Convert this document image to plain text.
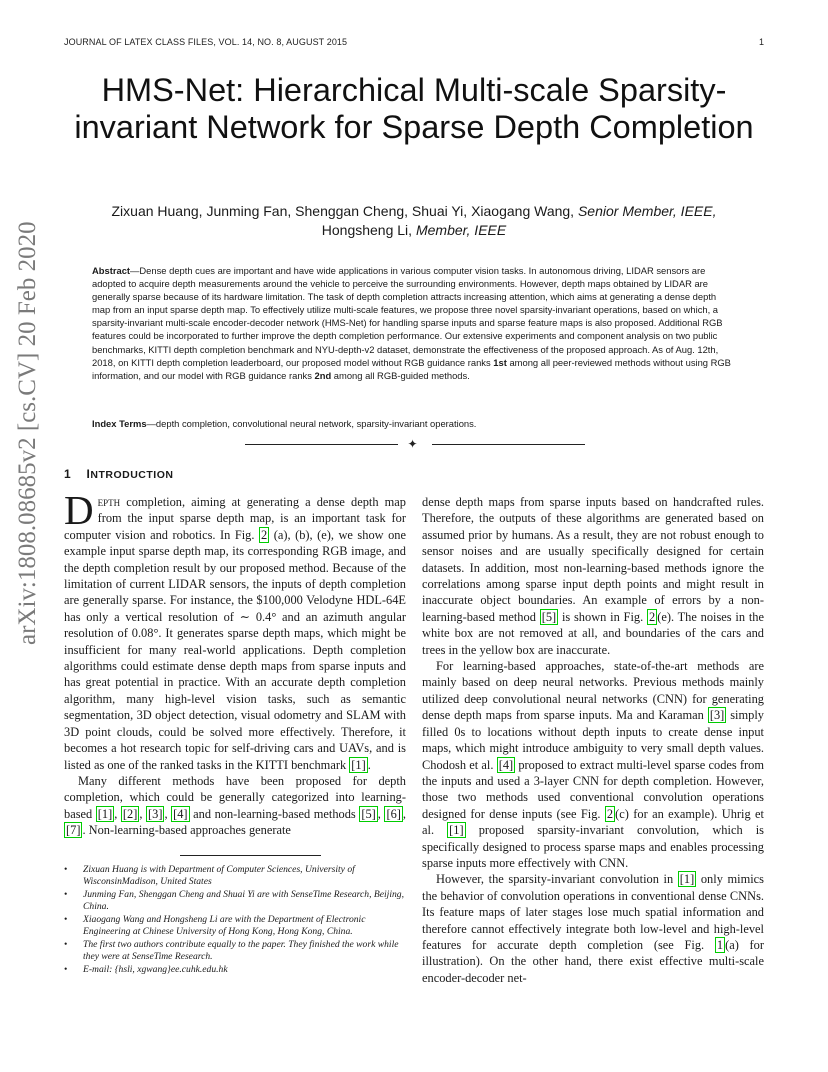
JOURNAL OF LATEX CLASS FILES, VOL. 14, NO. 8, AUGUST 2015	1
arXiv:1808.08685v2 [cs.CV] 20 Feb 2020
HMS-Net: Hierarchical Multi-scale Sparsity-invariant Network for Sparse Depth Completion
Zixuan Huang, Junming Fan, Shenggan Cheng, Shuai Yi, Xiaogang Wang, Senior Member, IEEE,
Hongsheng Li, Member, IEEE
Abstract—Dense depth cues are important and have wide applications in various computer vision tasks. In autonomous driving, LIDAR sensors are adopted to acquire depth measurements around the vehicle to perceive the surrounding environments. However, depth maps obtained by LIDAR are generally sparse because of its hardware limitation. The task of depth completion attracts increasing attention, which aims at generating a dense depth map from an input sparse depth map. To effectively utilize multi-scale features, we propose three novel sparsity-invariant operations, based on which, a sparsity-invariant multi-scale encoder-decoder network (HMS-Net) for handling sparse inputs and sparse feature maps is also proposed. Additional RGB features could be incorporated to further improve the depth completion performance. Our extensive experiments and component analysis on two public benchmarks, KITTI depth completion benchmark and NYU-depth-v2 dataset, demonstrate the effectiveness of the proposed approach. As of Aug. 12th, 2018, on KITTI depth completion leaderboard, our proposed model without RGB guidance ranks 1st among all peer-reviewed methods without using RGB information, and our model with RGB guidance ranks 2nd among all RGB-guided methods.
Index Terms—depth completion, convolutional neural network, sparsity-invariant operations.
✦
1 INTRODUCTION

Depth completion, aiming at generating a dense depth map from the input sparse depth map, is an important task for computer vision and robotics. In Fig. 2 (a), (b), (e), we show one example input sparse depth map, its corresponding RGB image, and the depth completion result by our proposed method. Because of the limitation of current LIDAR sensors, the inputs of depth completion are generally sparse. For instance, the $100,000 Velodyne HDL-64E has only a vertical resolution of ∼ 0.4° and an azimuth angular resolution of 0.08°. It generates sparse depth maps, which might be insufficient for many real-world applications. Depth completion algorithms could estimate dense depth maps from sparse inputs and has great potential in practice. With an accurate depth completion algorithm, many high-level vision tasks, such as semantic segmentation, 3D object detection, visual odometry and SLAM with 3D point clouds, could be solved more effectively. Therefore, it becomes a hot research topic for self-driving cars and UAVs, and is listed as one of the ranked tasks in the KITTI benchmark [1] .

Many different methods have been proposed for depth completion, which could be generally categorized into learning-based [1] , [2] , [3] , [4] and non-learning-based methods [5] , [6] , [7] . Non-learning-based approaches generate

dense depth maps from sparse inputs based on handcrafted rules. Therefore, the outputs of these algorithms are generated based on assumed prior by humans. As a result, they are not robust enough to sensor noises and are usually specifically designed for certain datasets. In addition, most non-learning-based methods ignore the correlations among sparse input depth points and might result in inaccurate object boundaries. An example of errors by a non-learning-based method [5] is shown in Fig. 2 (e). The noises in the white box are not removed at all, and boundaries of the cars and trees in the yellow box are inaccurate.

For learning-based approaches, state-of-the-art methods are mainly based on deep neural networks. Previous methods mainly utilized deep convolutional neural networks (CNN) for generating dense depth maps from sparse inputs. Ma and Karaman [3] simply filled 0s to locations without depth inputs to create dense input maps, which might introduce ambiguity to very small depth values. Chodosh et al. [4] proposed to extract multi-level sparse codes from the inputs and used a 3-layer CNN for depth completion. However, those two methods used conventional convolution operations designed for dense inputs (see Fig. 2 (c) for an example). Uhrig et al. [1] proposed sparsity-invariant convolution, which is specifically designed to process sparse maps and enables processing sparse inputs more effectively with CNN.

However, the sparsity-invariant convolution in [1] only mimics the behavior of convolution operations in conventional dense CNNs. Its feature maps of later stages lose much spatial information and therefore cannot effectively integrate both low-level and high-level features for accurate depth completion (see Fig. 1 (a) for illustration). On the other hand, there exist effective multi-scale encoder-decoder net-

• Zixuan Huang is with Department of Computer Sciences, University of WisconsinMadison, United States
• Junming Fan, Shenggan Cheng and Shuai Yi are with SenseTime Research, Beijing, China.
• Xiaogang Wang and Hongsheng Li are with the Department of Electronic Engineering at Chinese University of Hong Kong, Hong Kong, China.
• The first two authors contribute equally to the paper. They finished the work while they were at SenseTime Research.
• E-mail: {hsli, xgwang}ee.cuhk.edu.hk
